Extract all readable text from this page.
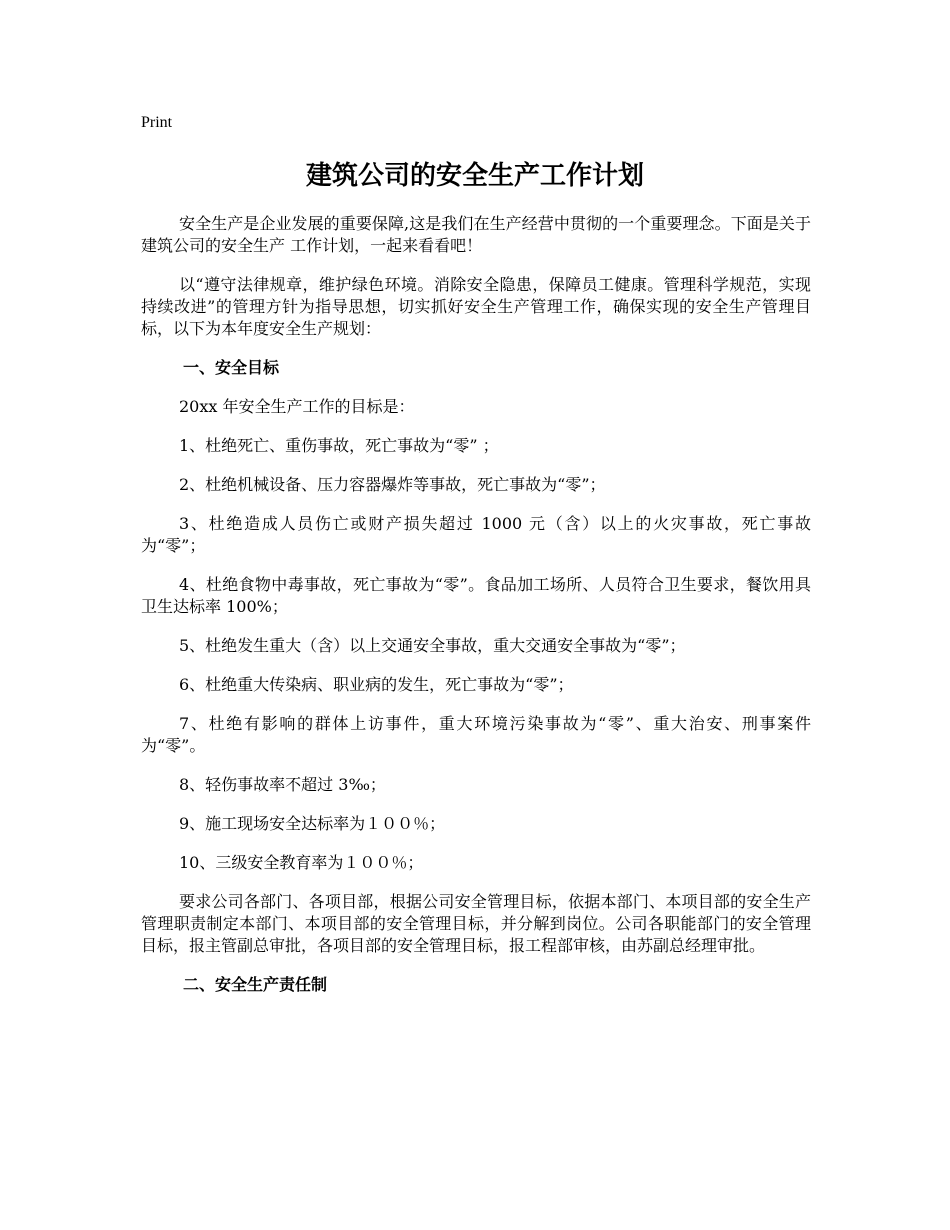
Print
建筑公司的安全生产工作计划

安全生产是企业发展的重要保障,这是我们在生产经营中贯彻的一个重要理念。下面是关于建筑公司的安全生产 工作计划，一起来看看吧！

以“遵守法律规章，维护绿色环境。消除安全隐患，保障员工健康。管理科学规范，实现持续改进”的管理方针为指导思想，切实抓好安全生产管理工作，确保实现的安全生产管理目标，以下为本年度安全生产规划：

一、安全目标

20xx 年安全生产工作的目标是：

1、杜绝死亡、重伤事故，死亡事故为“零” ；

2、杜绝机械设备、压力容器爆炸等事故，死亡事故为“零”；

3、杜绝造成人员伤亡或财产损失超过 1000 元（含）以上的火灾事故，死亡事故为“零”；

4、杜绝食物中毒事故，死亡事故为“零”。食品加工场所、人员符合卫生要求，餐饮用具卫生达标率 100%；

5、杜绝发生重大（含）以上交通安全事故，重大交通安全事故为“零”；

6、杜绝重大传染病、职业病的发生，死亡事故为“零”；

7、杜绝有影响的群体上访事件，重大环境污染事故为“零”、重大治安、刑事案件为“零”。

8、轻伤事故率不超过 3‰；

9、施工现场安全达标率为１００％；

10、三级安全教育率为１００％；

要求公司各部门、各项目部，根据公司安全管理目标，依据本部门、本项目部的安全生产管理职责制定本部门、本项目部的安全管理目标，并分解到岗位。公司各职能部门的安全管理目标，报主管副总审批，各项目部的安全管理目标，报工程部审核，由苏副总经理审批。

二、安全生产责任制
